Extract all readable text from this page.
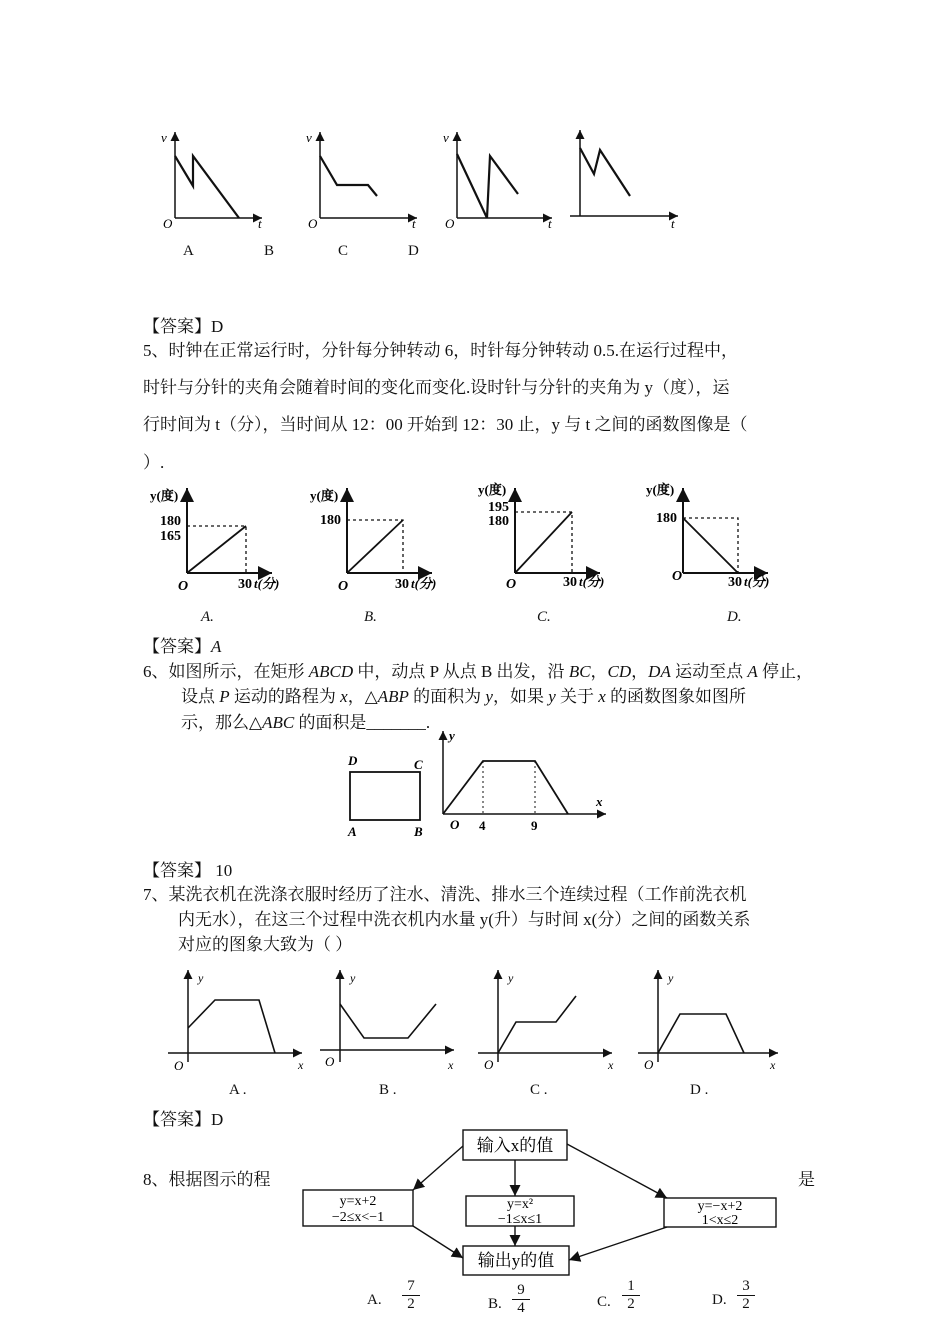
v
O	t
v
O	t
v
O	t	t
A	B	C	D
【答案】D
5、时钟在正常运行时，分针每分钟转动 6，时针每分钟转动 0.5.在运行过程中，
时针与分针的夹角会随着时间的变化而变化.设时针与分针的夹角为 y（度），运
行时间为 t（分），当时间从 12：00 开始到 12：30 止，y 与 t 之间的函数图像是（
）.
y(度)
180
165
O	30 t(分)
y(度)
180
O	30 t(分)
y(度)
195
180
O	30 t(分)
y(度)
180
O	30 t(分)
A.	B.	C.	D.
【答案】A
6、如图所示，在矩形 ABCD 中，动点 P 从点 B 出发，沿 BC，CD，DA 运动至点 A 停止，
设点 P 运动的路程为 x，△ABP 的面积为 y，如果 y 关于 x 的函数图象如图所
示，那么△ABC 的面积是_______.
D	C
A	B
y
x
O 4	9
【答案】 10
7、某洗衣机在洗涤衣服时经历了注水、清洗、排水三个连续过程（工作前洗衣机
内无水），在这三个过程中洗衣机内水量 y(升）与时间 x(分）之间的函数关系
对应的图象大致为（ ）
y
O	x
y
O	x
y
O	x
y
O	x
A .	B .	C .	D .
【答案】D
8、根据图示的程	是
输入x的值
y=x+2
−2≤x<−1
y=x²
−1≤x≤1
y=−x+2
1<x≤2
输出y的值
A. $\frac{7}{2}$	B. $\frac{9}{4}$	C. $\frac{1}{2}$	D. $\frac{3}{2}$
